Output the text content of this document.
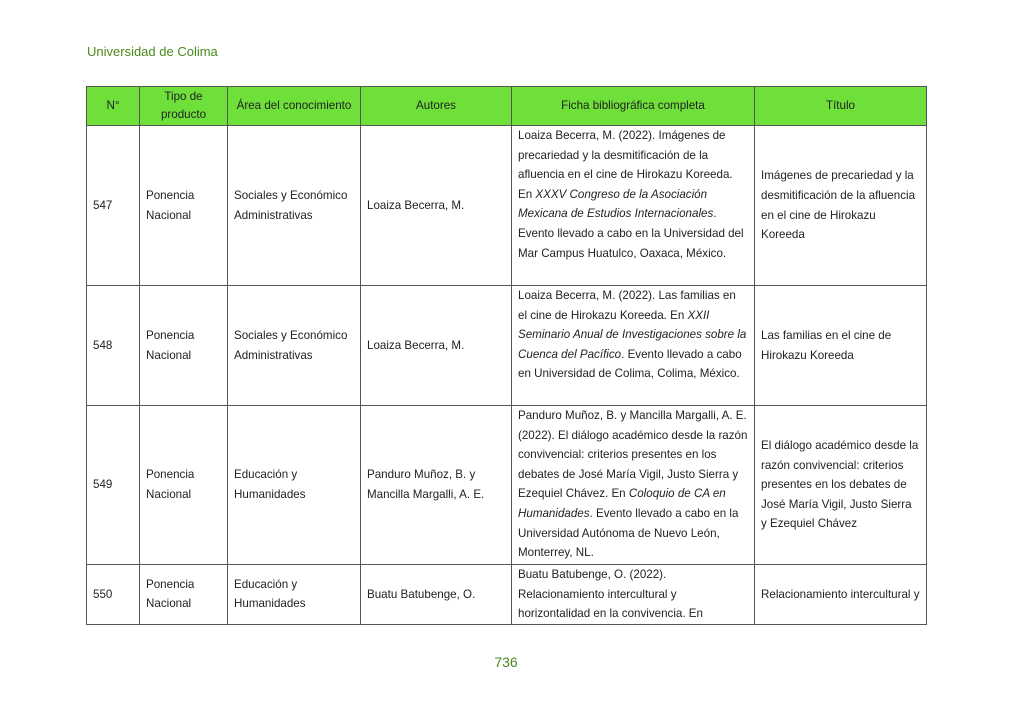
Universidad de Colima
N°	Tipo de producto	Área del conocimiento	Autores	Ficha bibliográfica completa	Título
547	Ponencia Nacional	Sociales y Económico Administrativas	Loaiza Becerra, M.	Loaiza Becerra, M. (2022). Imágenes de precariedad y la desmitificación de la afluencia en el cine de Hirokazu Koreeda. En XXXV Congreso de la Asociación Mexicana de Estudios Internacionales. Evento llevado a cabo en la Universidad del Mar Campus Huatulco, Oaxaca, México.	Imágenes de precariedad y la desmitificación de la afluencia en el cine de Hirokazu Koreeda
548	Ponencia Nacional	Sociales y Económico Administrativas	Loaiza Becerra, M.	Loaiza Becerra, M. (2022). Las familias en el cine de Hirokazu Koreeda. En XXII Seminario Anual de Investigaciones sobre la Cuenca del Pacífico. Evento llevado a cabo en Universidad de Colima, Colima, México.	Las familias en el cine de Hirokazu Koreeda
549	Ponencia Nacional	Educación y Humanidades	Panduro Muñoz, B. y Mancilla Margalli, A. E.	Panduro Muñoz, B. y Mancilla Margalli, A. E. (2022). El diálogo académico desde la razón convivencial: criterios presentes en los debates de José María Vigil, Justo Sierra y Ezequiel Chávez. En Coloquio de CA en Humanidades. Evento llevado a cabo en la Universidad Autónoma de Nuevo León, Monterrey, NL.	El diálogo académico desde la razón convivencial: criterios presentes en los debates de José María Vigil, Justo Sierra y Ezequiel Chávez
550	Ponencia Nacional	Educación y Humanidades	Buatu Batubenge, O.	Buatu Batubenge, O. (2022). Relacionamiento intercultural y horizontalidad en la convivencia. En	Relacionamiento intercultural y
736
